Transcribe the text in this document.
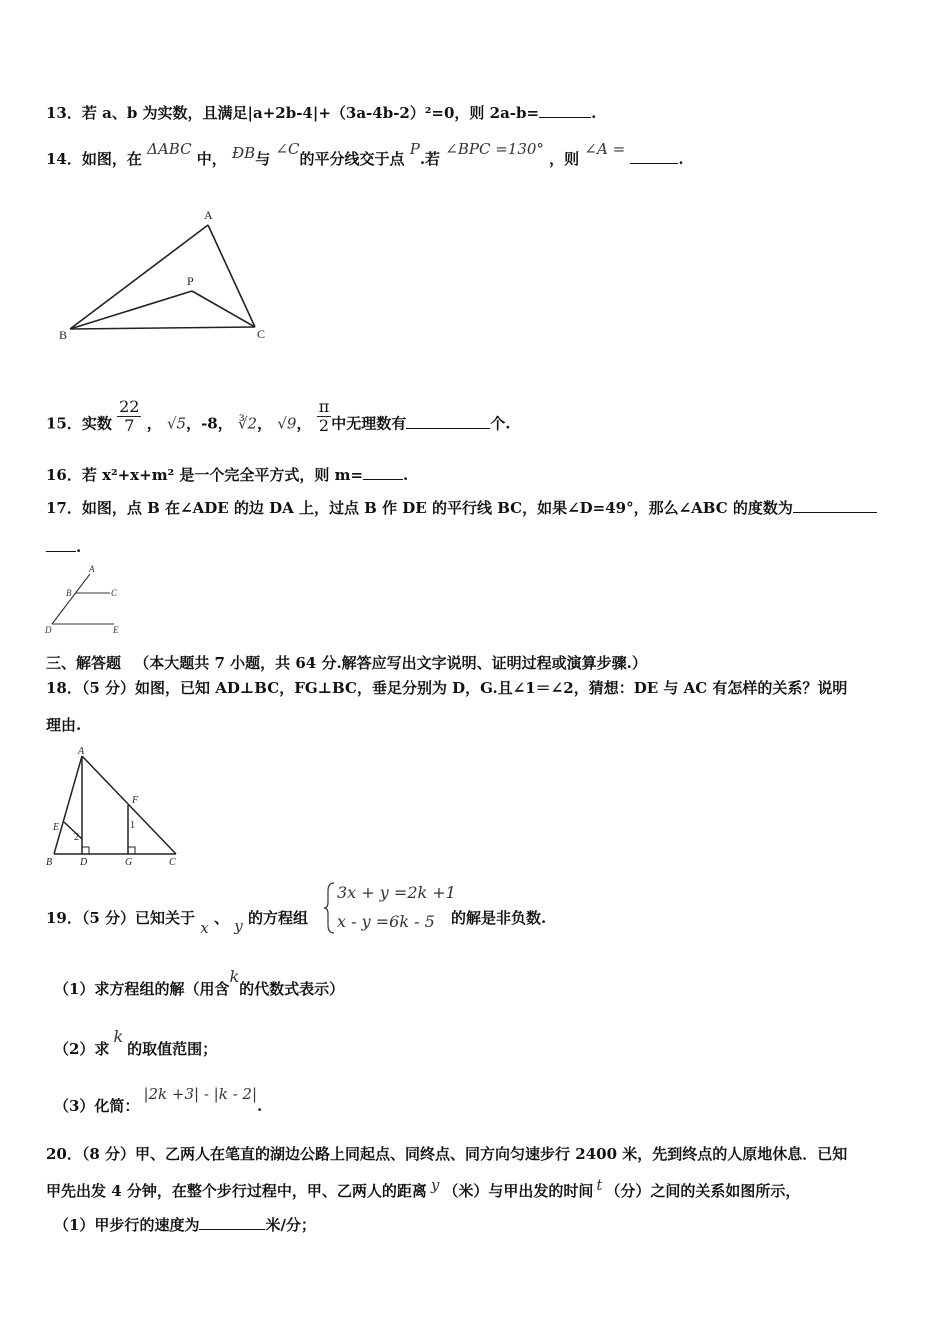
13．若 a、b 为实数，且满足|a+2b-4|+（3a-4b-2）²=0，则 2a-b=	.
14．如图，在 ΔABC 中， ÐB与 ∠C的平分线交于点 P.若 ∠BPC =130° ，则 ∠A = .
A
B	C
P
15．实数 $\frac{22}{7}$ ， √5，-8， ∛2， √9， $\frac{\pi}{2}$ 中无理数有	个.
16．若 x²+x+m² 是一个完全平方式，则 m=	.
17．如图，点 B 在∠ADE 的边 DA 上，过点 B 作 DE 的平行线 BC，如果∠D=49°，那么∠ABC 的度数为
.
A
B	C
D	E
三、解答题 （本大题共 7 小题，共 64 分.解答应写出文字说明、证明过程或演算步骤.）
18．（5 分）如图，已知 AD⊥BC，FG⊥BC，垂足分别为 D，G.且∠1＝∠2，猜想：DE 与 AC 有怎样的关系？说明
理由.
A
B	D	G	C
F
E
2
1
19．（5 分）已知关于 x 、 y 的方程组
3x + y =2k +1
x - y =6k - 5 的解是非负数.
（1）求方程组的解（用含k的代数式表示）
（2）求k的取值范围；
（3）化简：|2k +3| - |k - 2|.
20．（8 分）甲、乙两人在笔直的湖边公路上同起点、同终点、同方向匀速步行 2400 米，先到终点的人原地休息．已知
甲先出发 4 分钟，在整个步行过程中，甲、乙两人的距离 y （米）与甲出发的时间 t （分）之间的关系如图所示，
（1）甲步行的速度为	米/分；
